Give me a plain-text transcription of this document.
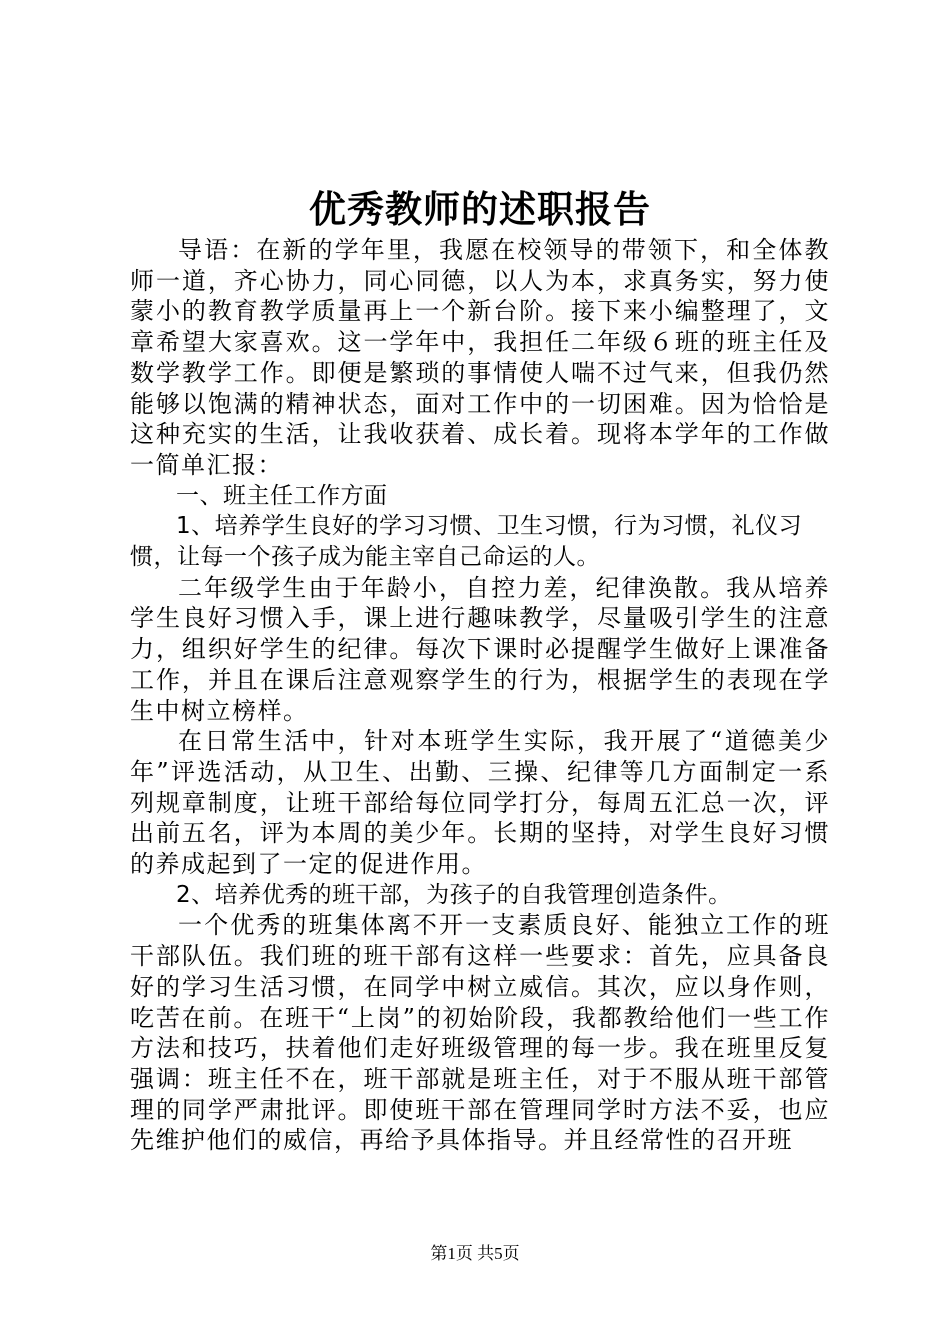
优秀教师的述职报告

导语：在新的学年里，我愿在校领导的带领下，和全体教师一道，齐心协力，同心同德，以人为本，求真务实，努力使蒙小的教育教学质量再上一个新台阶。接下来小编整理了，文章希望大家喜欢。这一学年中，我担任二年级６班的班主任及数学教学工作。即便是繁琐的事情使人喘不过气来，但我仍然能够以饱满的精神状态，面对工作中的一切困难。因为恰恰是这种充实的生活，让我收获着、成长着。现将本学年的工作做一简单汇报：

一、班主任工作方面

1、培养学生良好的学习习惯、卫生习惯，行为习惯，礼仪习惯，让每一个孩子成为能主宰自己命运的人。

二年级学生由于年龄小，自控力差，纪律涣散。我从培养学生良好习惯入手，课上进行趣味教学，尽量吸引学生的注意力，组织好学生的纪律。每次下课时必提醒学生做好上课准备工作，并且在课后注意观察学生的行为，根据学生的表现在学生中树立榜样。

在日常生活中，针对本班学生实际，我开展了“道德美少年”评选活动，从卫生、出勤、三操、纪律等几方面制定一系列规章制度，让班干部给每位同学打分，每周五汇总一次，评出前五名，评为本周的美少年。长期的坚持，对学生良好习惯的养成起到了一定的促进作用。

2、培养优秀的班干部，为孩子的自我管理创造条件。

一个优秀的班集体离不开一支素质良好、能独立工作的班干部队伍。我们班的班干部有这样一些要求：首先，应具备良好的学习生活习惯，在同学中树立威信。其次，应以身作则，吃苦在前。在班干“上岗”的初始阶段，我都教给他们一些工作方法和技巧，扶着他们走好班级管理的每一步。我在班里反复强调：班主任不在，班干部就是班主任，对于不服从班干部管理的同学严肃批评。即使班干部在管理同学时方法不妥，也应先维护他们的威信，再给予具体指导。并且经常性的召开班

第1页 共5页
